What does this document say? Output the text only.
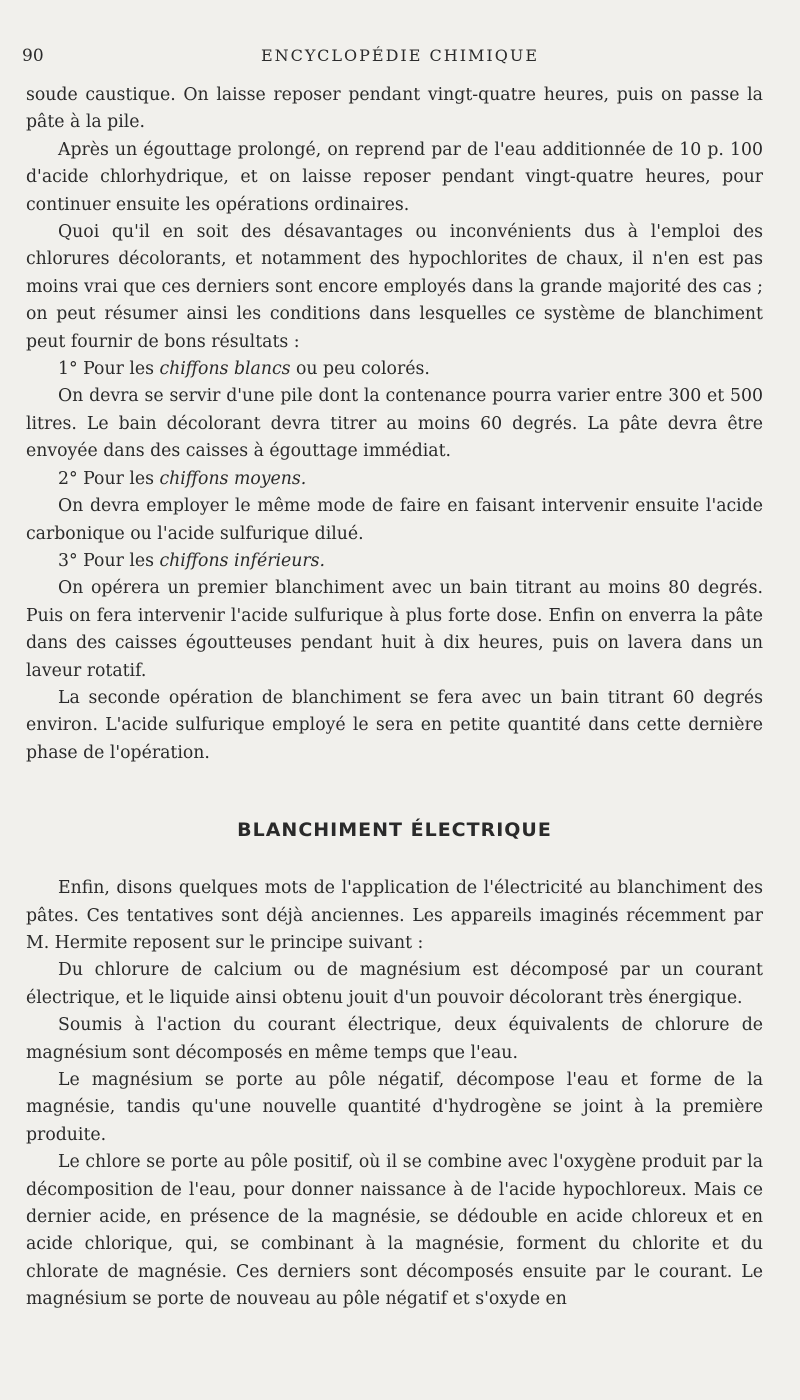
90	ENCYCLOPÉDIE CHIMIQUE

soude caustique. On laisse reposer pendant vingt-quatre heures, puis on passe la pâte à la pile.

Après un égouttage prolongé, on reprend par de l'eau additionnée de 10 p. 100 d'acide chlorhydrique, et on laisse reposer pendant vingt-quatre heures, pour continuer ensuite les opérations ordinaires.

Quoi qu'il en soit des désavantages ou inconvénients dus à l'emploi des chlorures décolorants, et notamment des hypochlorites de chaux, il n'en est pas moins vrai que ces derniers sont encore employés dans la grande majorité des cas ; on peut résumer ainsi les conditions dans lesquelles ce système de blanchiment peut fournir de bons résultats :

1° Pour les chiffons blancs ou peu colorés.

On devra se servir d'une pile dont la contenance pourra varier entre 300 et 500 litres. Le bain décolorant devra titrer au moins 60 degrés. La pâte devra être envoyée dans des caisses à égouttage immédiat.

2° Pour les chiffons moyens.

On devra employer le même mode de faire en faisant intervenir ensuite l'acide carbonique ou l'acide sulfurique dilué.

3° Pour les chiffons inférieurs.

On opérera un premier blanchiment avec un bain titrant au moins 80 degrés. Puis on fera intervenir l'acide sulfurique à plus forte dose. Enfin on enverra la pâte dans des caisses égoutteuses pendant huit à dix heures, puis on lavera dans un laveur rotatif.

La seconde opération de blanchiment se fera avec un bain titrant 60 degrés environ. L'acide sulfurique employé le sera en petite quantité dans cette dernière phase de l'opération.

BLANCHIMENT ÉLECTRIQUE

Enfin, disons quelques mots de l'application de l'électricité au blanchiment des pâtes. Ces tentatives sont déjà anciennes. Les appareils imaginés récemment par M. Hermite reposent sur le principe suivant :

Du chlorure de calcium ou de magnésium est décomposé par un courant électrique, et le liquide ainsi obtenu jouit d'un pouvoir décolorant très énergique.

Soumis à l'action du courant électrique, deux équivalents de chlorure de magnésium sont décomposés en même temps que l'eau.

Le magnésium se porte au pôle négatif, décompose l'eau et forme de la magnésie, tandis qu'une nouvelle quantité d'hydrogène se joint à la première produite.

Le chlore se porte au pôle positif, où il se combine avec l'oxygène produit par la décomposition de l'eau, pour donner naissance à de l'acide hypochloreux. Mais ce dernier acide, en présence de la magnésie, se dédouble en acide chloreux et en acide chlorique, qui, se combinant à la magnésie, forment du chlorite et du chlorate de magnésie. Ces derniers sont décomposés ensuite par le courant. Le magnésium se porte de nouveau au pôle négatif et s'oxyde en
